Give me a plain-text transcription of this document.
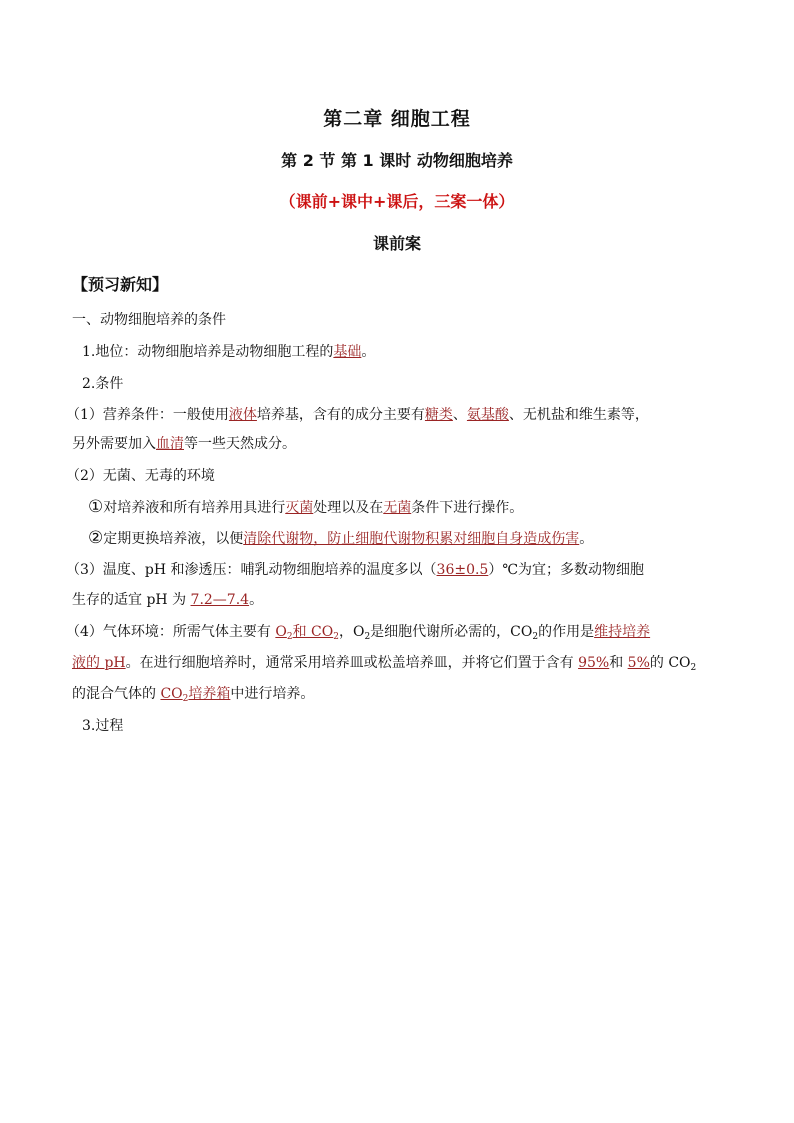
第二章 细胞工程
第 2 节 第 1 课时 动物细胞培养
（课前+课中+课后，三案一体）
课前案
【预习新知】
一、动物细胞培养的条件
1.地位：动物细胞培养是动物细胞工程的基础。
2.条件
（1）营养条件：一般使用液体培养基，含有的成分主要有糖类、氨基酸、无机盐和维生素等，
另外需要加入血清等一些天然成分。
（2）无菌、无毒的环境
①对培养液和所有培养用具进行灭菌处理以及在无菌条件下进行操作。
②定期更换培养液，以便清除代谢物，防止细胞代谢物积累对细胞自身造成伤害。
（3）温度、pH 和渗透压：哺乳动物细胞培养的温度多以（36±0.5）℃为宜；多数动物细胞
生存的适宜 pH 为 7.2—7.4。
（4）气体环境：所需气体主要有 $O_2$和 $CO_2$，$O_2$是细胞代谢所必需的，$CO_2$的作用是维持培养
液的 pH。在进行细胞培养时，通常采用培养皿或松盖培养皿，并将它们置于含有 95%和 5%的 $CO_2$
的混合气体的 $CO_2$培养箱中进行培养。
3.过程
